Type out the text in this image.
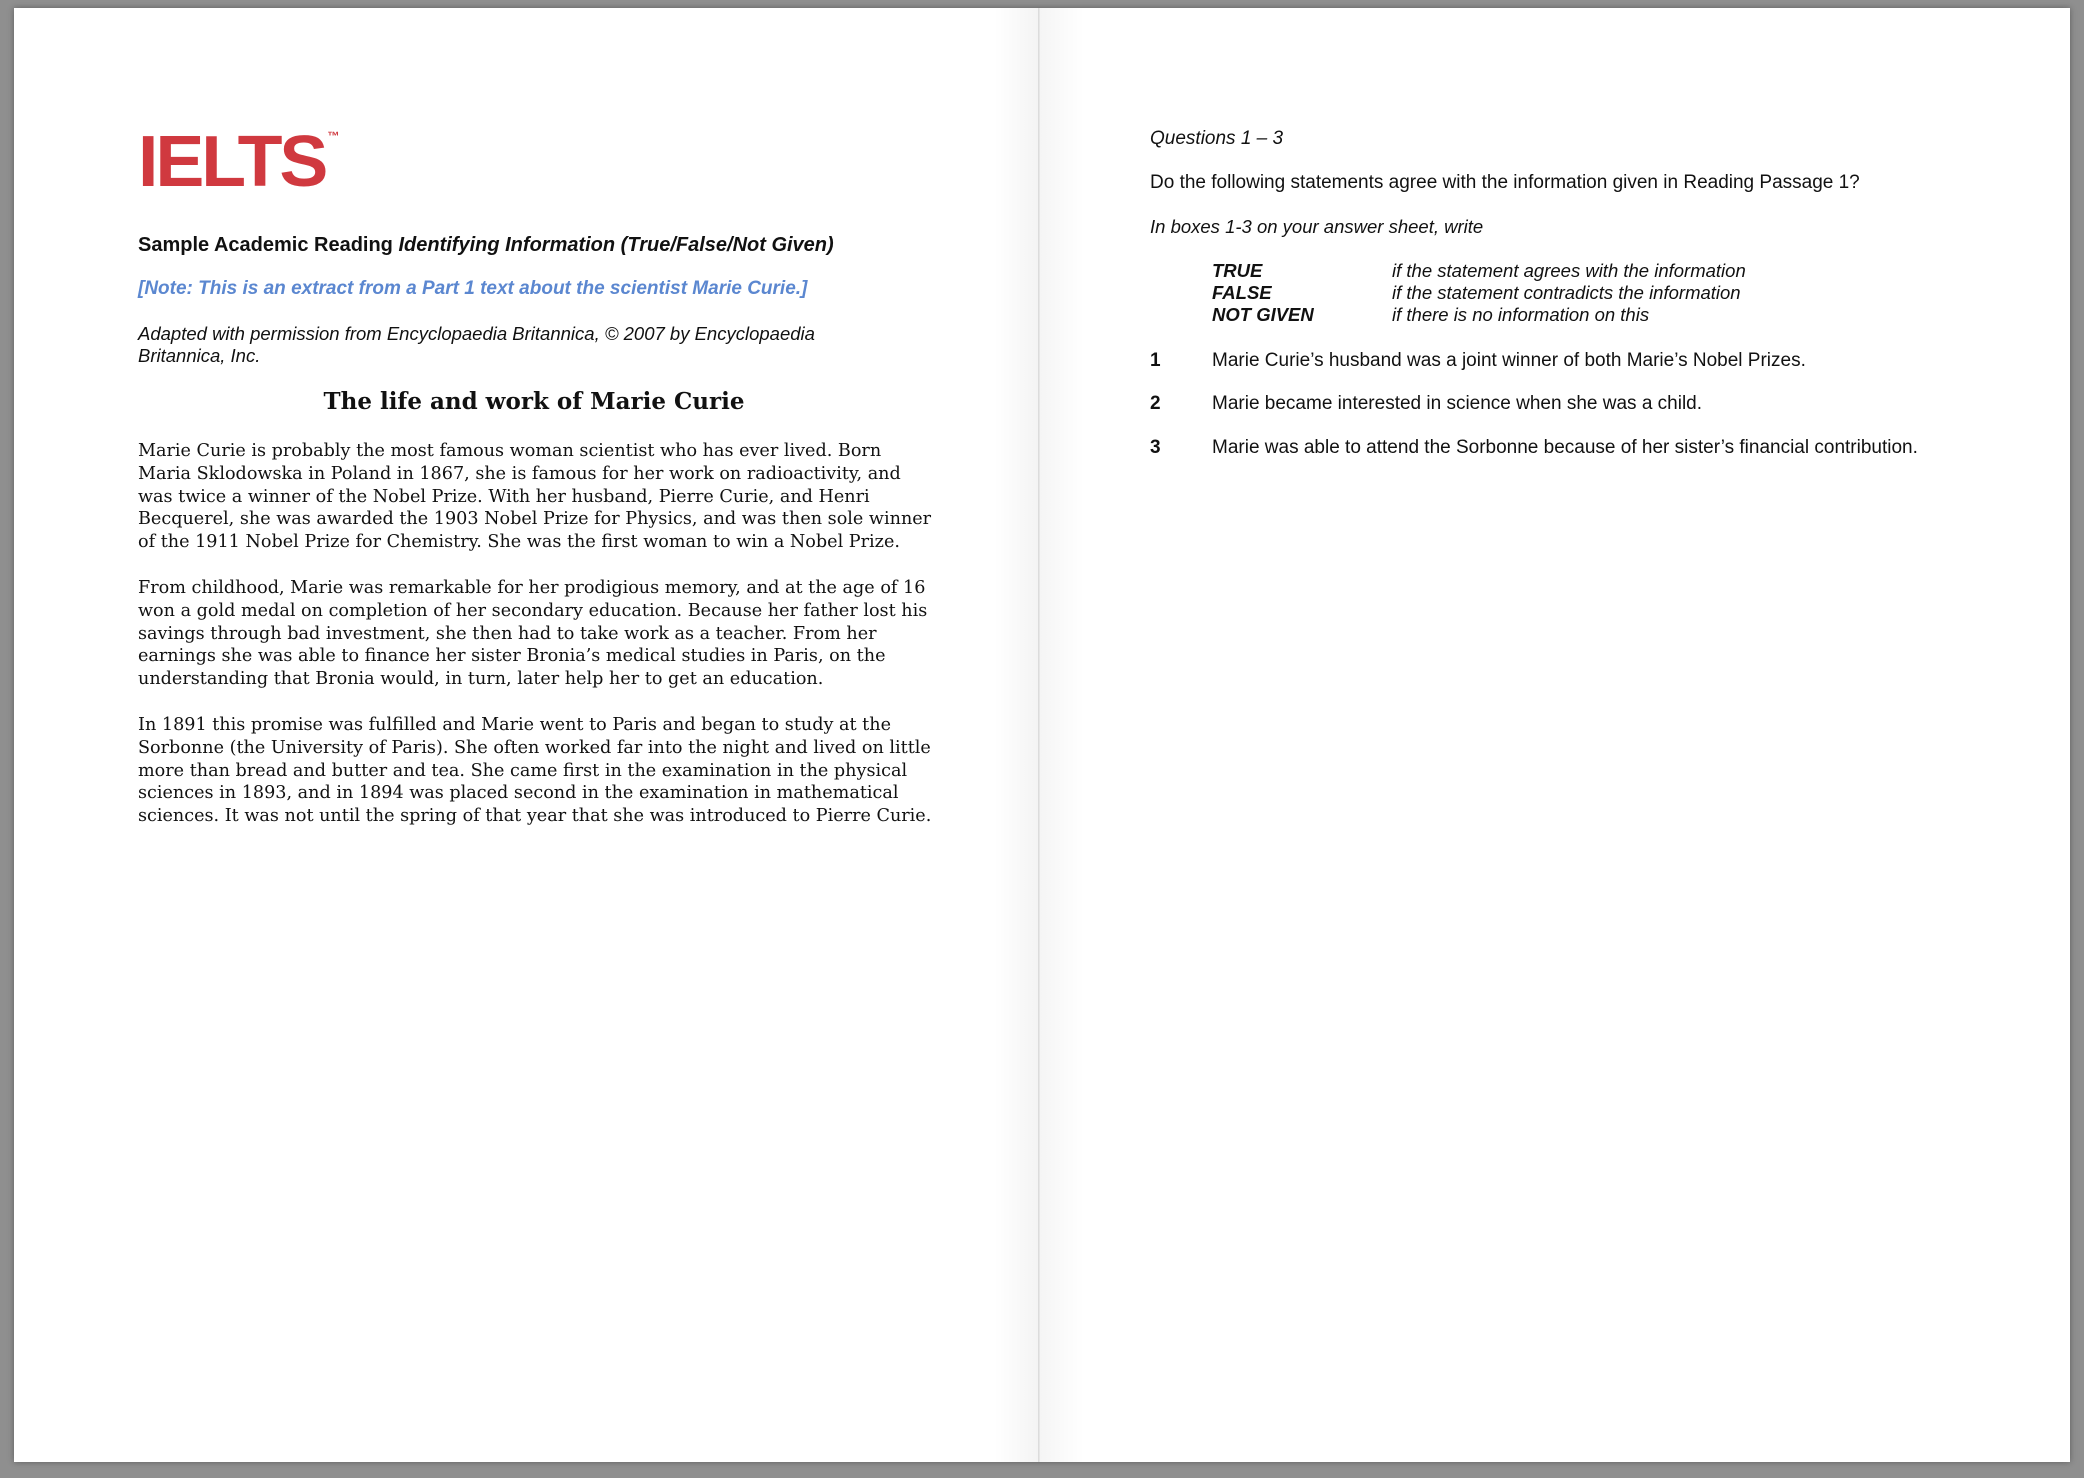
IELTS ™
Sample Academic Reading Identifying Information (True/False/Not Given)
[Note: This is an extract from a Part 1 text about the scientist Marie Curie.]
Adapted with permission from Encyclopaedia Britannica, © 2007 by Encyclopaedia
Britannica, Inc.
The life and work of Marie Curie
Marie Curie is probably the most famous woman scientist who has ever lived. Born
Maria Sklodowska in Poland in 1867, she is famous for her work on radioactivity, and
was twice a winner of the Nobel Prize. With her husband, Pierre Curie, and Henri
Becquerel, she was awarded the 1903 Nobel Prize for Physics, and was then sole winner
of the 1911 Nobel Prize for Chemistry. She was the first woman to win a Nobel Prize.
From childhood, Marie was remarkable for her prodigious memory, and at the age of 16
won a gold medal on completion of her secondary education. Because her father lost his
savings through bad investment, she then had to take work as a teacher. From her
earnings she was able to finance her sister Bronia’s medical studies in Paris, on the
understanding that Bronia would, in turn, later help her to get an education.
In 1891 this promise was fulfilled and Marie went to Paris and began to study at the
Sorbonne (the University of Paris). She often worked far into the night and lived on little
more than bread and butter and tea. She came first in the examination in the physical
sciences in 1893, and in 1894 was placed second in the examination in mathematical
sciences. It was not until the spring of that year that she was introduced to Pierre Curie.
Questions 1 – 3
Do the following statements agree with the information given in Reading Passage 1?
In boxes 1-3 on your answer sheet, write
TRUE	if the statement agrees with the information
FALSE	if the statement contradicts the information
NOT GIVEN	if there is no information on this
1	Marie Curie’s husband was a joint winner of both Marie’s Nobel Prizes.
2	Marie became interested in science when she was a child.
3	Marie was able to attend the Sorbonne because of her sister’s financial contribution.
